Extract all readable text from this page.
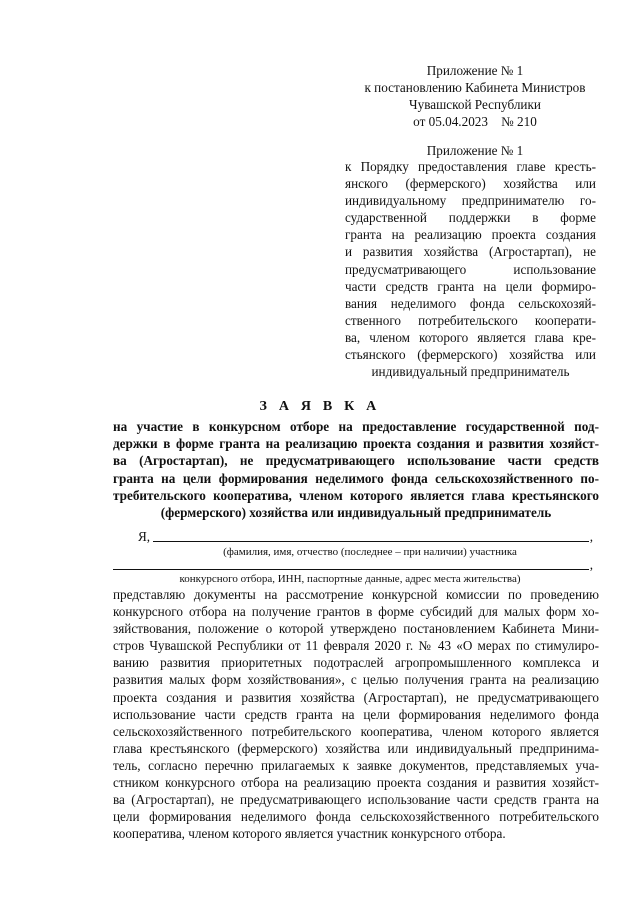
Приложение № 1
к постановлению Кабинета Министров
Чувашской Республики
от 05.04.2023    № 210
Приложение № 1
к Порядку предоставления главе кресть-
янского (фермерского) хозяйства или
индивидуальному предпринимателю го-
сударственной поддержки в форме
гранта на реализацию проекта создания
и развития хозяйства (Агростартап), не
предусматривающего использование
части средств гранта на цели формиро-
вания неделимого фонда сельскохозяй-
ственного потребительского кооперати-
ва, членом которого является глава кре-
стьянского (фермерского) хозяйства или
индивидуальный предприниматель
З А Я В К А
на участие в конкурсном отборе на предоставление государственной под-
держки в форме гранта на реализацию проекта создания и развития хозяйст-
ва (Агростартап), не предусматривающего использование части средств
гранта на цели формирования неделимого фонда сельскохозяйственного по-
требительского кооператива, членом которого является глава крестьянского
(фермерского) хозяйства или индивидуальный предприниматель
Я,	,
(фамилия, имя, отчество (последнее – при наличии) участника
,
конкурсного отбора, ИНН, паспортные данные, адрес места жительства)
представляю документы на рассмотрение конкурсной комиссии по проведению
конкурсного отбора на получение грантов в форме субсидий для малых форм хо-
зяйствования, положение о которой утверждено постановлением Кабинета Мини-
стров Чувашской Республики от 11 февраля 2020 г. № 43 «О мерах по стимулиро-
ванию развития приоритетных подотраслей агропромышленного комплекса и
развития малых форм хозяйствования», с целью получения гранта на реализацию
проекта создания и развития хозяйства (Агростартап), не предусматривающего
использование части средств гранта на цели формирования неделимого фонда
сельскохозяйственного потребительского кооператива, членом которого является
глава крестьянского (фермерского) хозяйства или индивидуальный предпринима-
тель, согласно перечню прилагаемых к заявке документов, представляемых уча-
стником конкурсного отбора на реализацию проекта создания и развития хозяйст-
ва (Агростартап), не предусматривающего использование части средств гранта на
цели формирования неделимого фонда сельскохозяйственного потребительского
кооператива, членом которого является участник конкурсного отбора.
